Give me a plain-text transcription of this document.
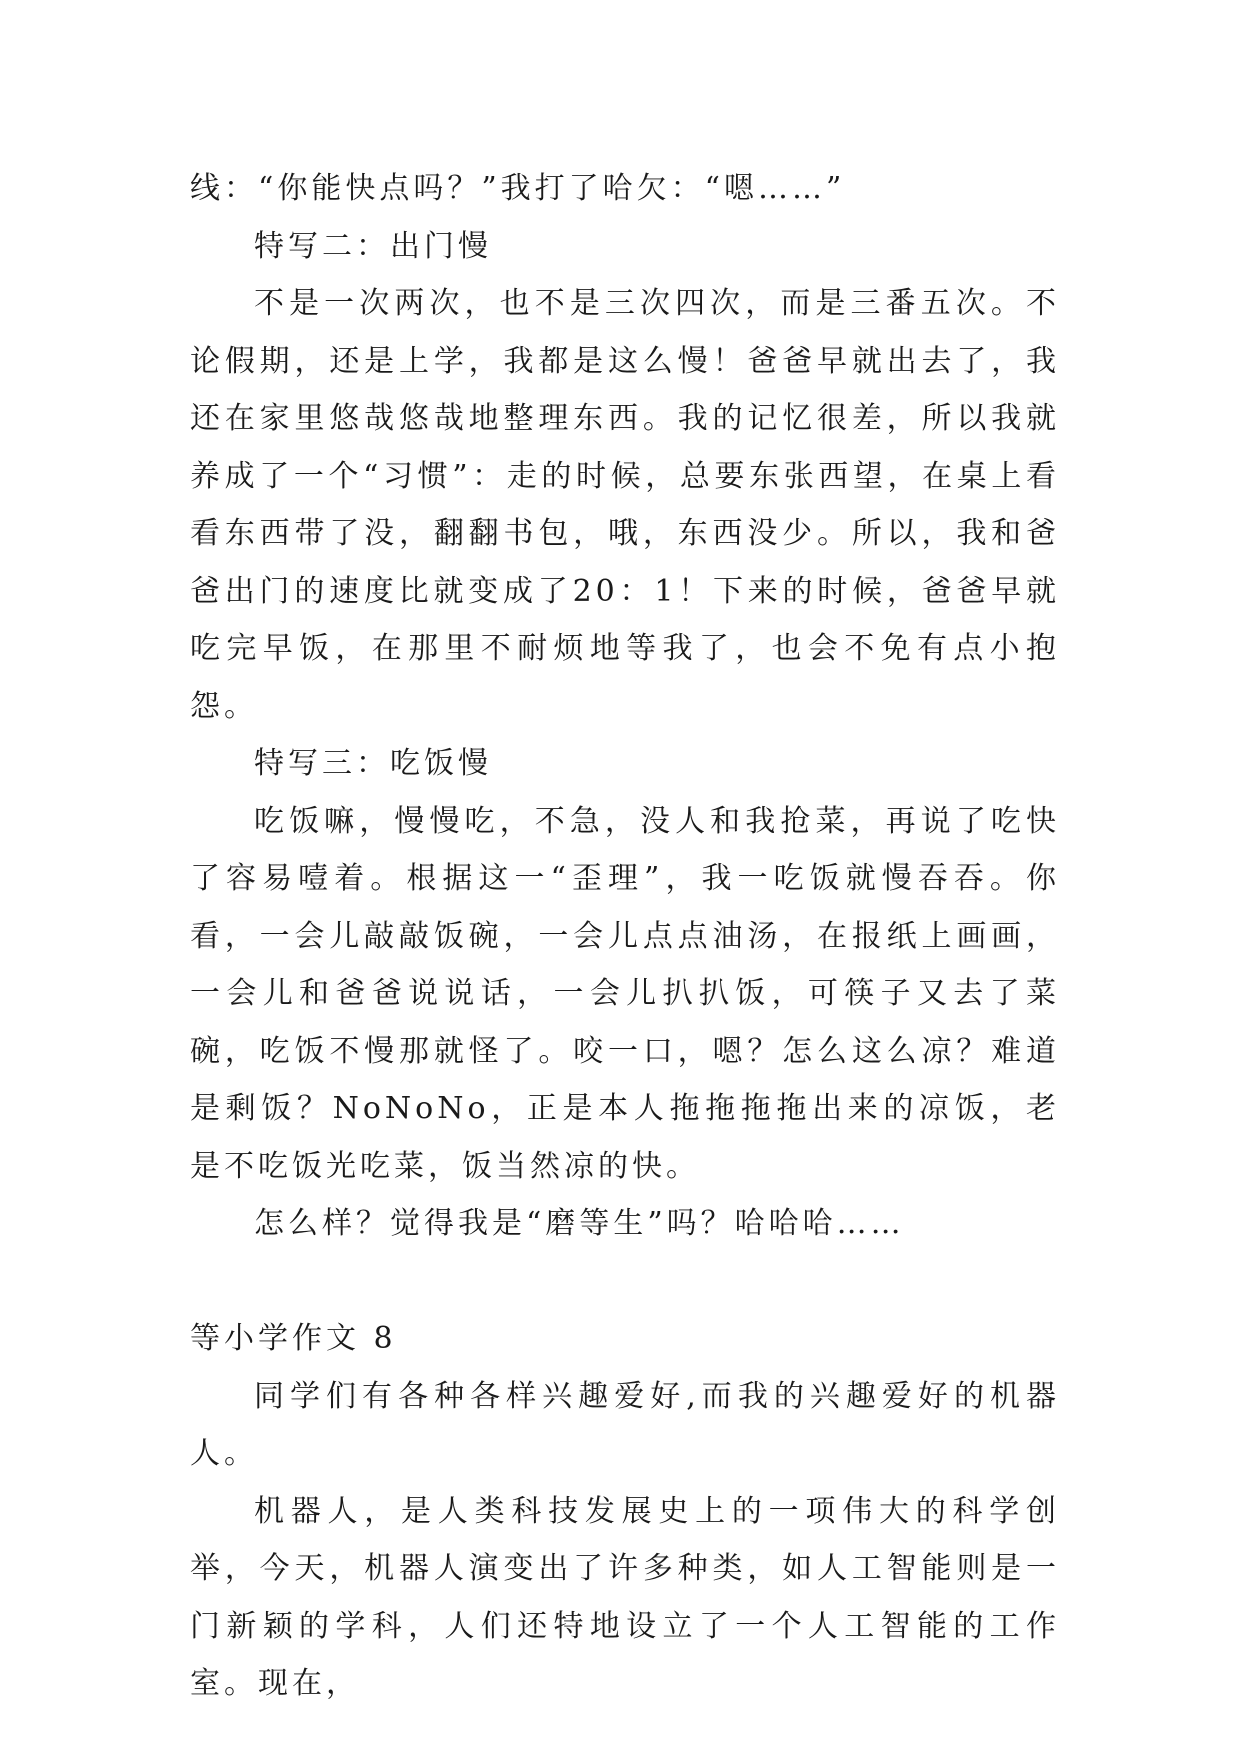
线：“你能快点吗？”我打了哈欠：“嗯……”

特写二：出门慢

不是一次两次，也不是三次四次，而是三番五次。不论假期，还是上学，我都是这么慢！爸爸早就出去了，我还在家里悠哉悠哉地整理东西。我的记忆很差，所以我就养成了一个“习惯”：走的时候，总要东张西望，在桌上看看东西带了没，翻翻书包，哦，东西没少。所以，我和爸爸出门的速度比就变成了20：1！下来的时候，爸爸早就吃完早饭，在那里不耐烦地等我了，也会不免有点小抱怨。

特写三：吃饭慢

吃饭嘛，慢慢吃，不急，没人和我抢菜，再说了吃快了容易噎着。根据这一“歪理”，我一吃饭就慢吞吞。你看，一会儿敲敲饭碗，一会儿点点油汤，在报纸上画画，一会儿和爸爸说说话，一会儿扒扒饭，可筷子又去了菜碗，吃饭不慢那就怪了。咬一口，嗯？怎么这么凉？难道是剩饭？NoNoNo，正是本人拖拖拖拖出来的凉饭，老是不吃饭光吃菜，饭当然凉的快。

怎么样？觉得我是“磨等生”吗？哈哈哈……

等小学作文 8

同学们有各种各样兴趣爱好,而我的兴趣爱好的机器人。

机器人，是人类科技发展史上的一项伟大的科学创举，今天，机器人演变出了许多种类，如人工智能则是一门新颖的学科，人们还特地设立了一个人工智能的工作室。现在，
